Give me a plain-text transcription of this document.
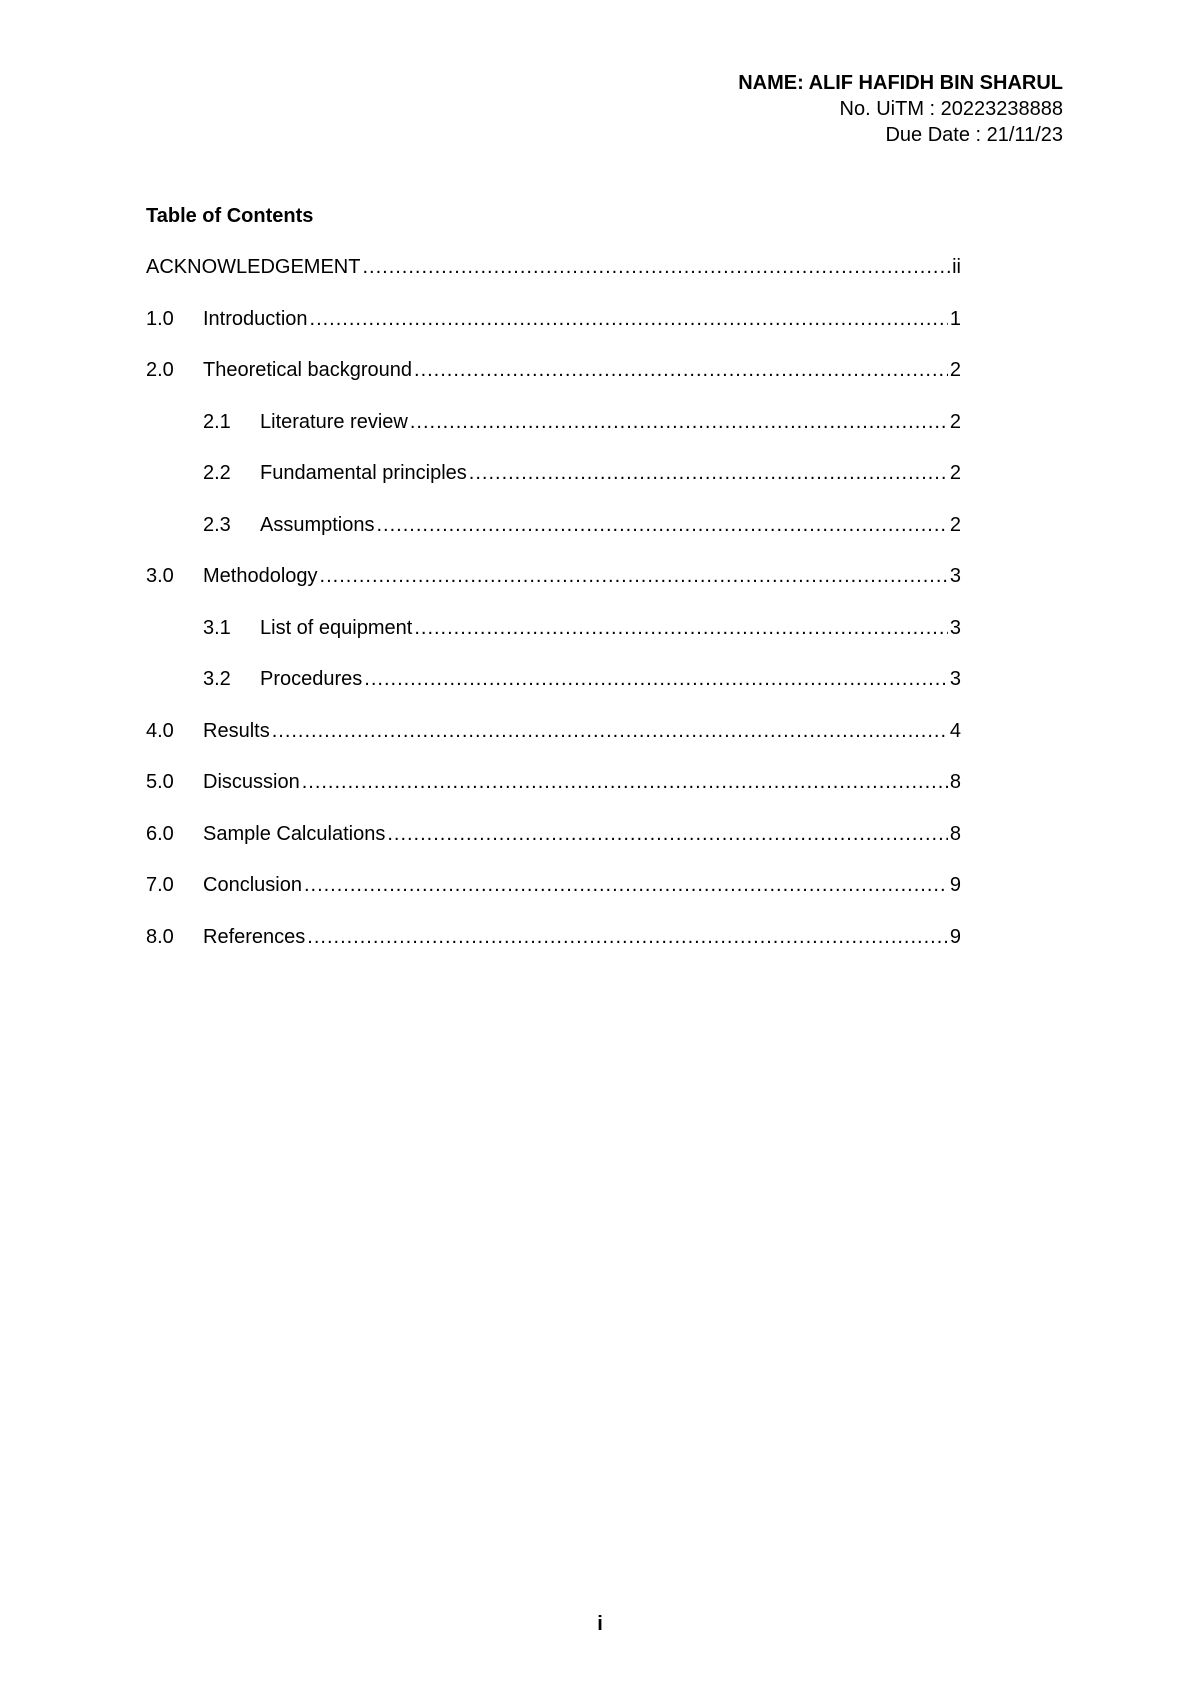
NAME: ALIF HAFIDH BIN SHARUL
No. UiTM : 20223238888
Due Date : 21/11/23
Table of Contents
ACKNOWLEDGEMENT .....	ii
1.0	Introduction .....	1
2.0	Theoretical background .....	2
2.1	Literature review .....	2
2.2	Fundamental principles .....	2
2.3	Assumptions .....	2
3.0	Methodology .....	3
3.1	List of equipment .....	3
3.2	Procedures .....	3
4.0	Results .....	4
5.0	Discussion .....	8
6.0	Sample Calculations .....	8
7.0	Conclusion .....	9
8.0	References .....	9
i
